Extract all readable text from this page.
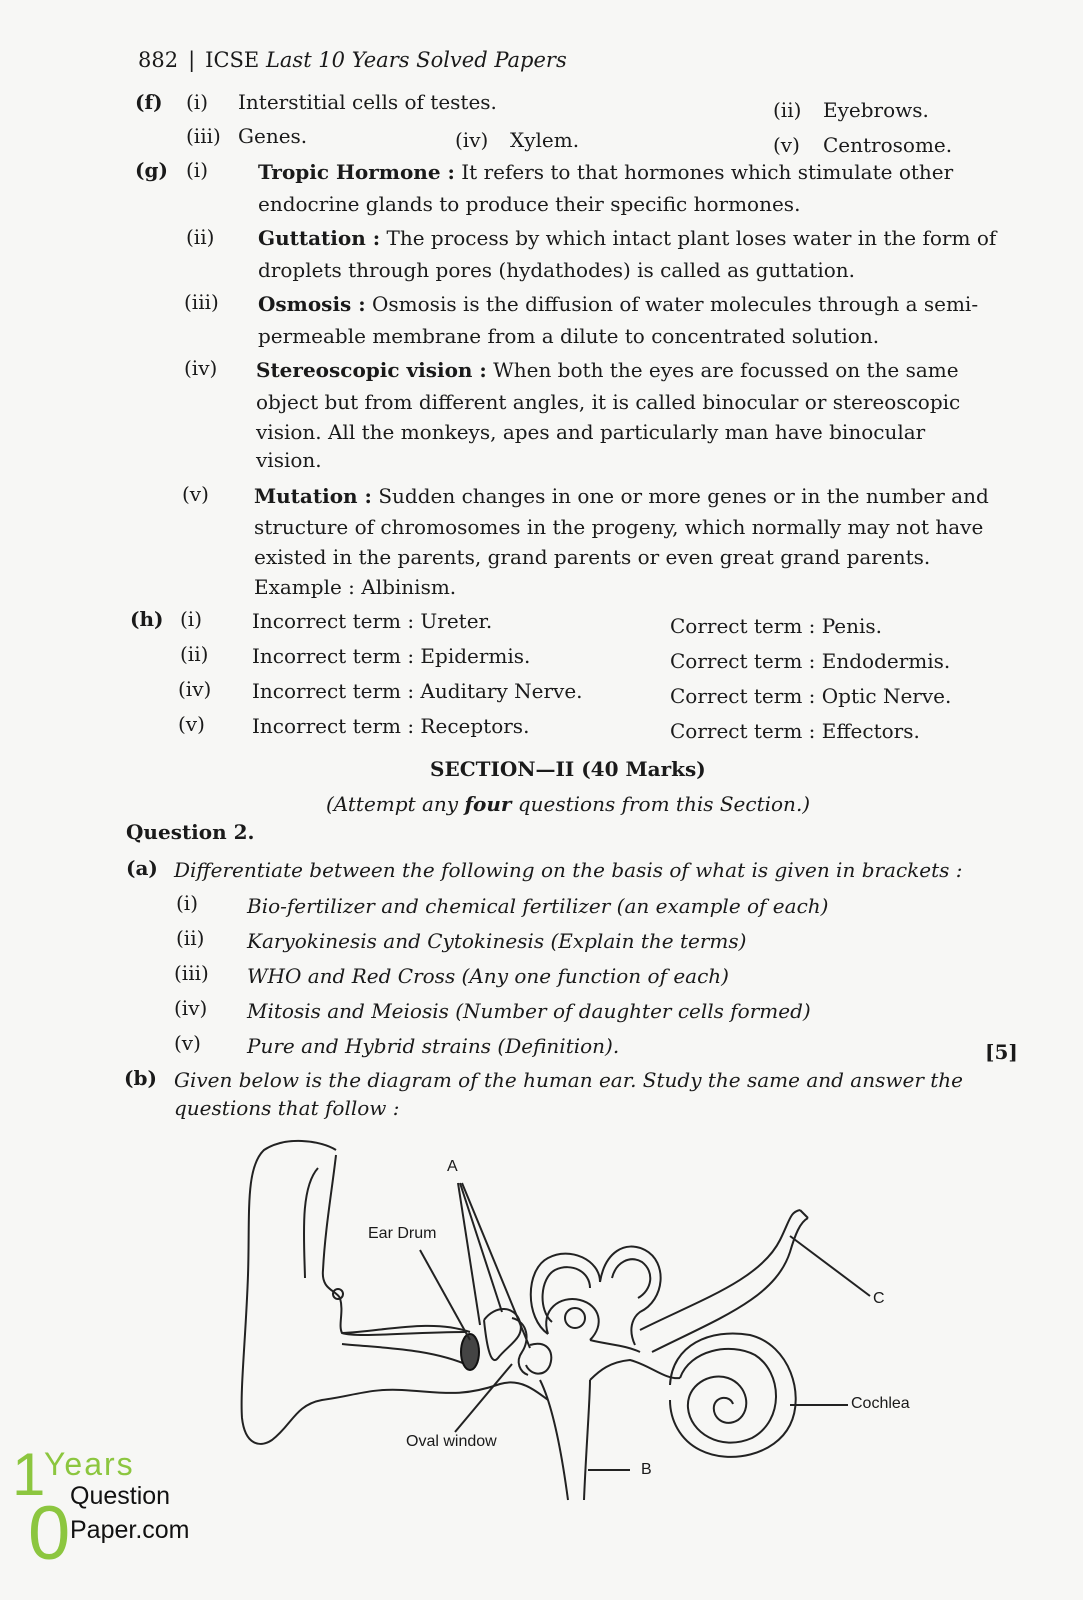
882 | ICSE Last 10 Years Solved Papers
(f) (i) Interstitial cells of testes.	(ii) Eyebrows.
(iii) Genes.	(iv) Xylem.	(v) Centrosome.
(g) (i) Tropic Hormone : It refers to that hormones which stimulate other
endocrine glands to produce their specific hormones.
(ii) Guttation : The process by which intact plant loses water in the form of
droplets through pores (hydathodes) is called as guttation.
(iii) Osmosis : Osmosis is the diffusion of water molecules through a semi-
permeable membrane from a dilute to concentrated solution.
(iv) Stereoscopic vision : When both the eyes are focussed on the same
object but from different angles, it is called binocular or stereoscopic
vision. All the monkeys, apes and particularly man have binocular
vision.
(v) Mutation : Sudden changes in one or more genes or in the number and
structure of chromosomes in the progeny, which normally may not have
existed in the parents, grand parents or even great grand parents.
Example : Albinism.
(h) (i) Incorrect term : Ureter.	Correct term : Penis.
(ii) Incorrect term : Epidermis.	Correct term : Endodermis.
(iv) Incorrect term : Auditary Nerve.	Correct term : Optic Nerve.
(v) Incorrect term : Receptors.	Correct term : Effectors.
SECTION—II (40 Marks)
(Attempt any four questions from this Section.)
Question 2.
(a) Differentiate between the following on the basis of what is given in brackets :
(i) Bio-fertilizer and chemical fertilizer (an example of each)
(ii) Karyokinesis and Cytokinesis (Explain the terms)
(iii) WHO and Red Cross (Any one function of each)
(iv) Mitosis and Meiosis (Number of daughter cells formed)
(v) Pure and Hybrid strains (Definition).	[5]
(b) Given below is the diagram of the human ear. Study the same and answer the
questions that follow :
A
Ear Drum
C
Cochlea
Oval window
B
1
0
Years
Question
Paper.com
